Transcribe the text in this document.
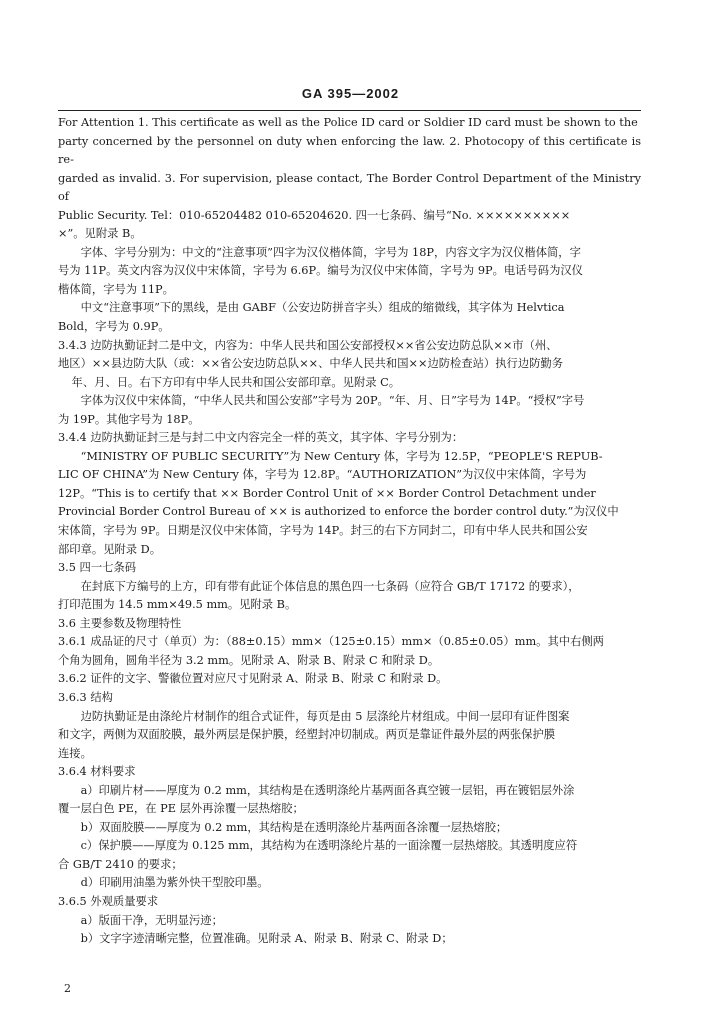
GA 395—2002

For Attention 1. This certificate as well as the Police ID card or Soldier ID card must be shown to the

party concerned by the personnel on duty when enforcing the law. 2. Photocopy of this certificate is re-

garded as invalid. 3. For supervision, please contact, The Border Control Department of the Ministry of

Public Security. Tel：010-65204482 010-65204620. 四一七条码、编号“No. ××××××××××

×”。见附录 B。

字体、字号分别为：中文的“注意事项”四字为汉仪楷体简，字号为 18P，内容文字为汉仪楷体简，字

号为 11P。英文内容为汉仪中宋体简，字号为 6.6P。编号为汉仪中宋体简，字号为 9P。电话号码为汉仪

楷体简，字号为 11P。

中文“注意事项”下的黑线，是由 GABF（公安边防拼音字头）组成的缩微线，其字体为 Helvtica

Bold，字号为 0.9P。

3.4.3 边防执勤证封二是中文，内容为：中华人民共和国公安部授权××省公安边防总队××市（州、

地区）××县边防大队（或：××省公安边防总队××、中华人民共和国××边防检查站）执行边防勤务

年、月、日。右下方印有中华人民共和国公安部印章。见附录 C。

字体为汉仪中宋体简，“中华人民共和国公安部”字号为 20P。“年、月、日”字号为 14P。“授权”字号

为 19P。其他字号为 18P。

3.4.4 边防执勤证封三是与封二中文内容完全一样的英文，其字体、字号分别为：

“MINISTRY OF PUBLIC SECURITY”为 New Century 体，字号为 12.5P，“PEOPLE'S REPUB-

LIC OF CHINA”为 New Century 体，字号为 12.8P。“AUTHORIZATION”为汉仪中宋体简，字号为

12P。“This is to certify that ×× Border Control Unit of ×× Border Control Detachment under

Provincial Border Control Bureau of ×× is authorized to enforce the border control duty.”为汉仪中

宋体简，字号为 9P。日期是汉仪中宋体简，字号为 14P。封三的右下方同封二，印有中华人民共和国公安

部印章。见附录 D。

3.5 四一七条码

在封底下方编号的上方，印有带有此证个体信息的黑色四一七条码（应符合 GB/T 17172 的要求），

打印范围为 14.5 mm×49.5 mm。见附录 B。

3.6 主要参数及物理特性

3.6.1 成品证的尺寸（单页）为：（88±0.15）mm×（125±0.15）mm×（0.85±0.05）mm。其中右侧两

个角为圆角，圆角半径为 3.2 mm。见附录 A、附录 B、附录 C 和附录 D。

3.6.2 证件的文字、警徽位置对应尺寸见附录 A、附录 B、附录 C 和附录 D。

3.6.3 结构

边防执勤证是由涤纶片材制作的组合式证件，每页是由 5 层涤纶片材组成。中间一层印有证件图案

和文字，两侧为双面胶膜，最外两层是保护膜，经塑封冲切制成。两页是靠证件最外层的两张保护膜

连接。

3.6.4 材料要求

a）印刷片材——厚度为 0.2 mm，其结构是在透明涤纶片基两面各真空镀一层铝，再在镀铝层外涂

覆一层白色 PE，在 PE 层外再涂覆一层热熔胶；

b）双面胶膜——厚度为 0.2 mm，其结构是在透明涤纶片基两面各涂覆一层热熔胶；

c）保护膜——厚度为 0.125 mm，其结构为在透明涤纶片基的一面涂覆一层热熔胶。其透明度应符

合 GB/T 2410 的要求；

d）印刷用油墨为紫外快干型胶印墨。

3.6.5 外观质量要求

a）版面干净，无明显污迹；

b）文字字迹清晰完整，位置准确。见附录 A、附录 B、附录 C、附录 D；

2
